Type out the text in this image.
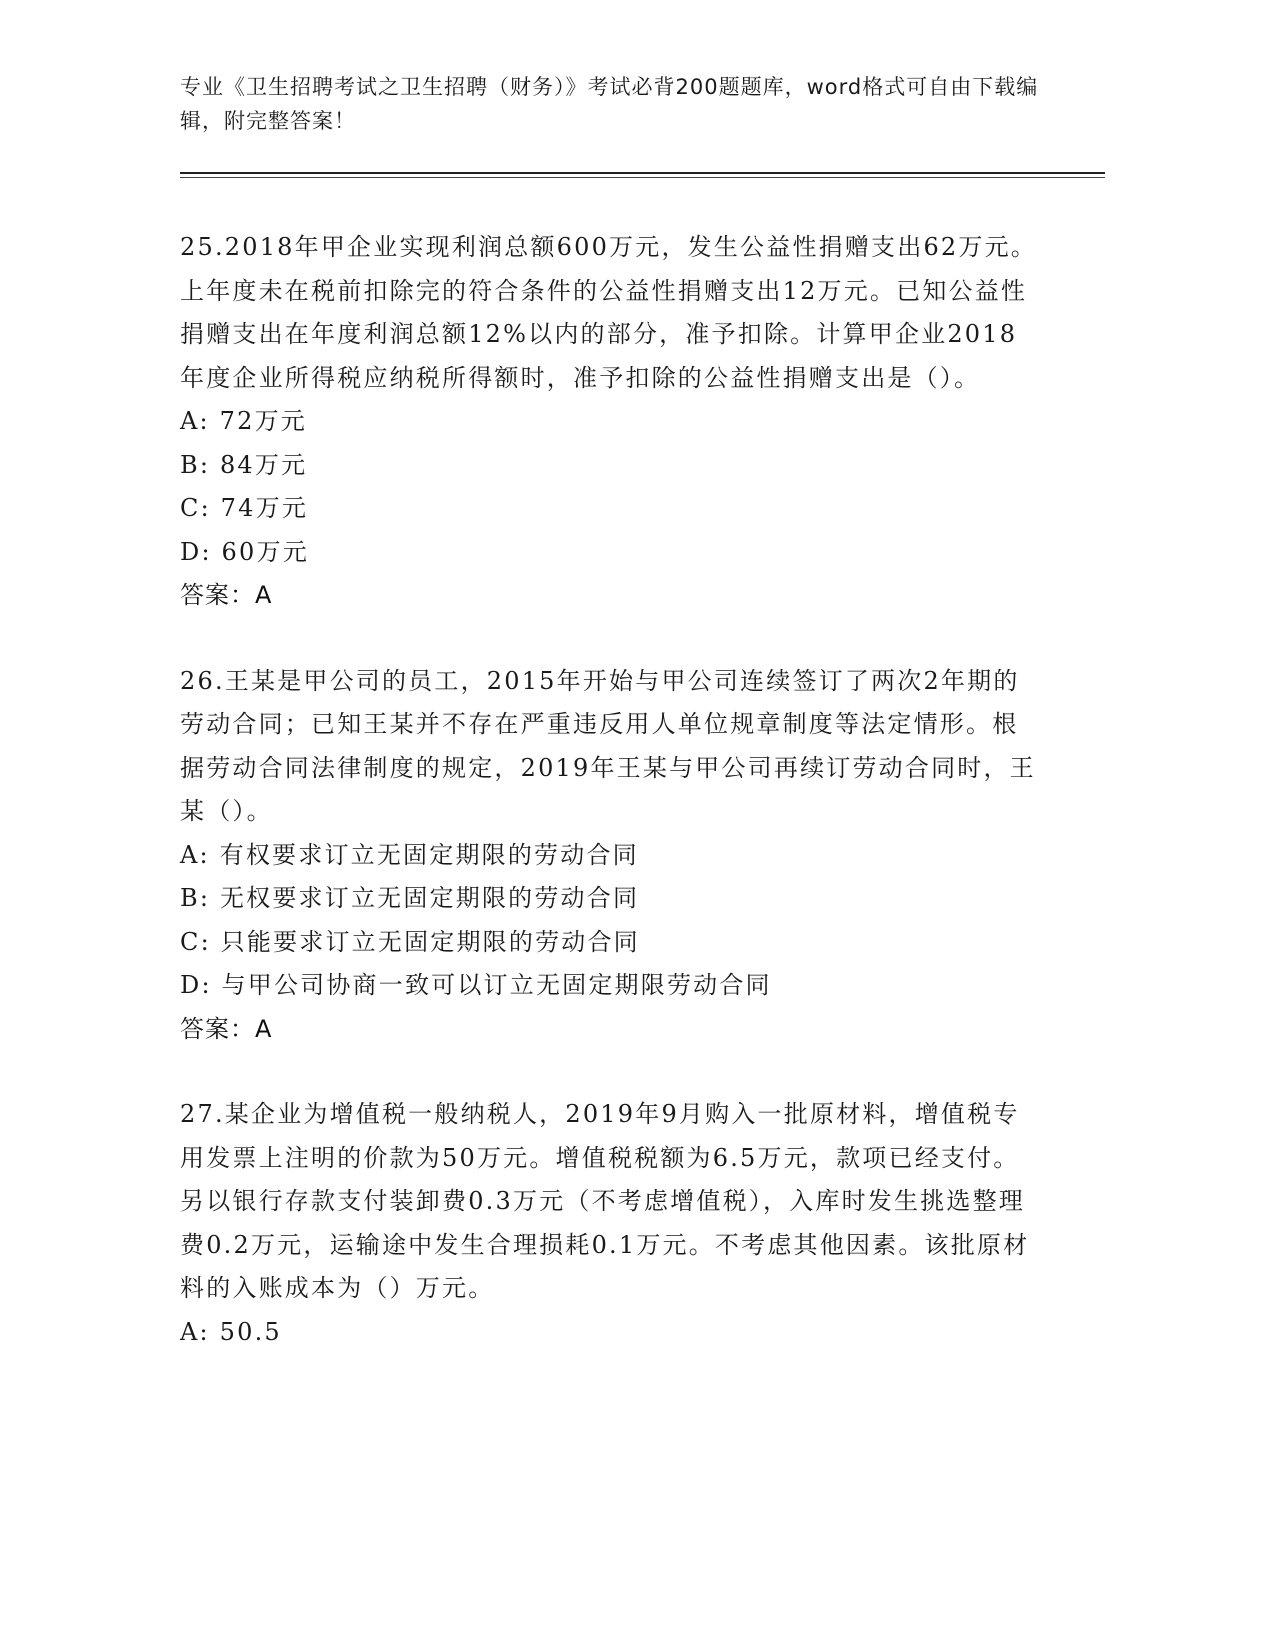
专业《卫生招聘考试之卫生招聘（财务）》考试必背200题题库，word格式可自由下载编辑，附完整答案！

25.2018年甲企业实现利润总额600万元，发生公益性捐赠支出62万元。上年度未在税前扣除完的符合条件的公益性捐赠支出12万元。已知公益性捐赠支出在年度利润总额12%以内的部分，准予扣除。计算甲企业2018年度企业所得税应纳税所得额时，准予扣除的公益性捐赠支出是（）。

A: 72万元

B: 84万元

C: 74万元

D: 60万元

答案：A

26.王某是甲公司的员工，2015年开始与甲公司连续签订了两次2年期的劳动合同；已知王某并不存在严重违反用人单位规章制度等法定情形。根据劳动合同法律制度的规定，2019年王某与甲公司再续订劳动合同时，王某（）。

A: 有权要求订立无固定期限的劳动合同

B: 无权要求订立无固定期限的劳动合同

C: 只能要求订立无固定期限的劳动合同

D: 与甲公司协商一致可以订立无固定期限劳动合同

答案：A

27.某企业为增值税一般纳税人，2019年9月购入一批原材料，增值税专用发票上注明的价款为50万元。增值税税额为6.5万元，款项已经支付。另以银行存款支付装卸费0.3万元（不考虑增值税），入库时发生挑选整理费0.2万元，运输途中发生合理损耗0.1万元。不考虑其他因素。该批原材料的入账成本为（）万元。

A: 50.5
